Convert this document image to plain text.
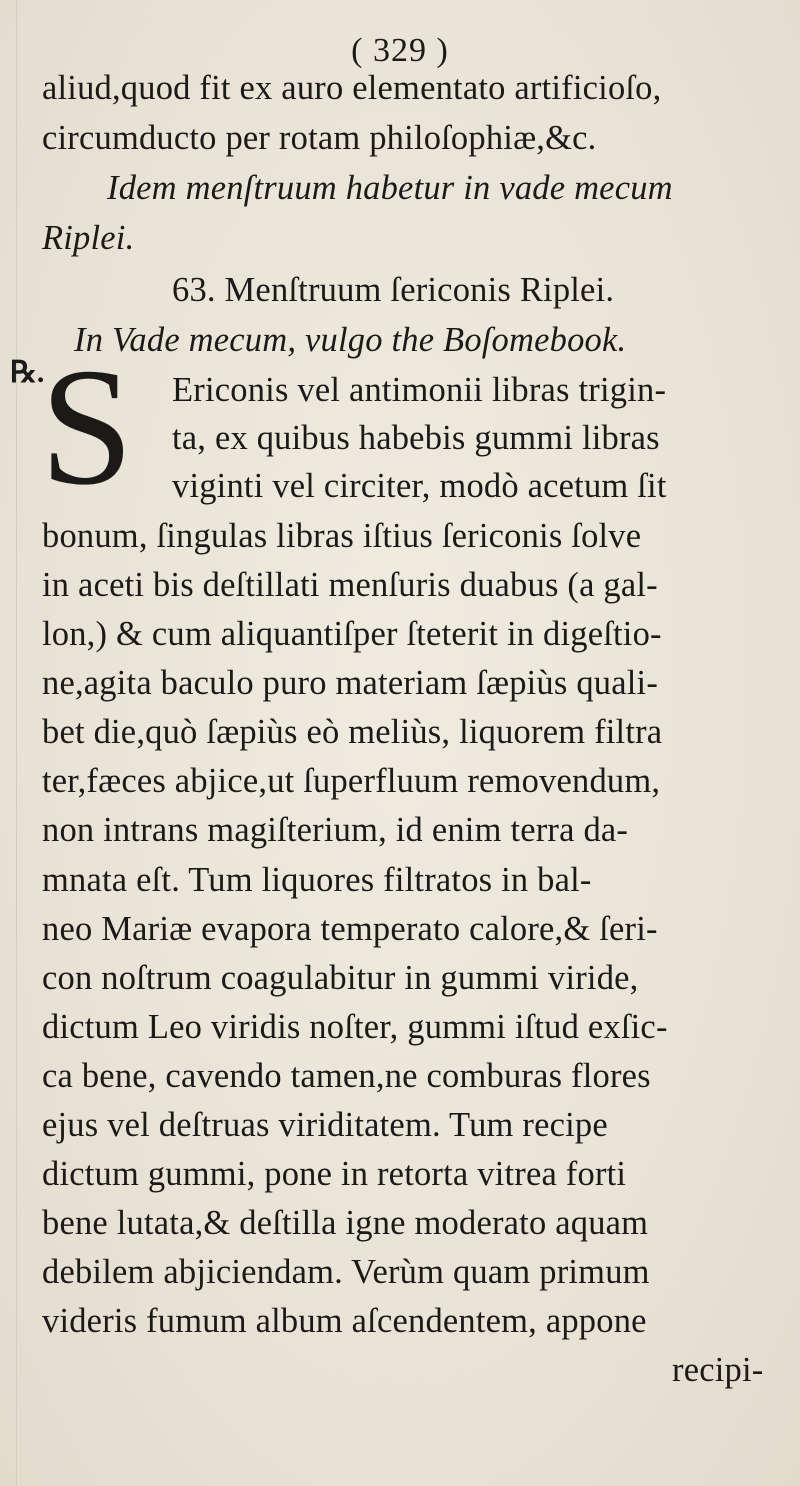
( 329 )
aliud,quod fit ex auro elementato artificioſo,
circumducto per rotam philoſophiæ,&c.
Idem menſtruum habetur in vade mecum
Riplei.
63. Menſtruum ſericonis Riplei.
In Vade mecum, vulgo the Boſomebook.
℞.
S Ericonis vel antimonii libras trigin-
ta, ex quibus habebis gummi libras
viginti vel circiter, modò acetum ſit
bonum, ſingulas libras iſtius ſericonis ſolve
in aceti bis deſtillati menſuris duabus (a gal-
lon,) & cum aliquantiſper ſteterit in digeſtio-
ne,agita baculo puro materiam ſæpiùs quali-
bet die,quò ſæpiùs eò meliùs, liquorem filtra
ter,fæces abjice,ut ſuperfluum removendum,
non intrans magiſterium, id enim terra da-
mnata eſt. Tum liquores filtratos in bal-
neo Mariæ evapora temperato calore,& ſeri-
con noſtrum coagulabitur in gummi viride,
dictum Leo viridis noſter, gummi iſtud exſic-
ca bene, cavendo tamen,ne comburas flores
ejus vel deſtruas viriditatem. Tum recipe
dictum gummi, pone in retorta vitrea forti
bene lutata,& deſtilla igne moderato aquam
debilem abjiciendam. Verùm quam primum
videris fumum album aſcendentem, appone
recipi-
